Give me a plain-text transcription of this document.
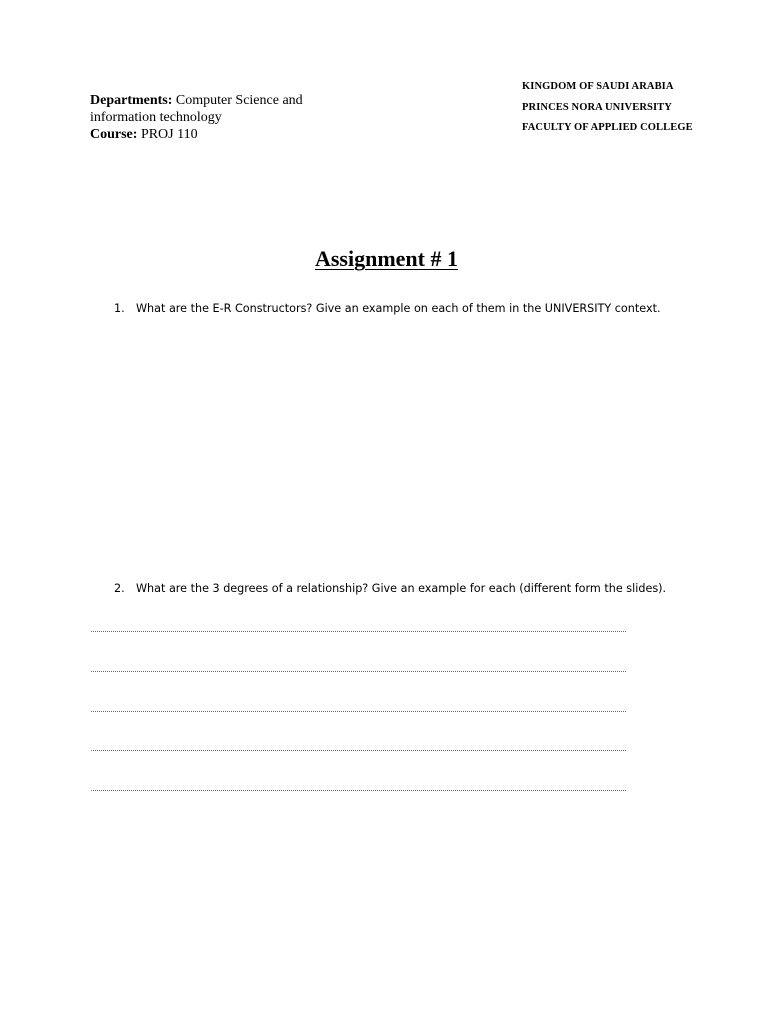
Departments: Computer Science and
information technology
Course: PROJ 110
KINGDOM OF SAUDI ARABIA
PRINCES NORA UNIVERSITY
FACULTY OF APPLIED COLLEGE
Assignment # 1
1. What are the E-R Constructors? Give an example on each of them in the UNIVERSITY context.
2. What are the 3 degrees of a relationship? Give an example for each (different form the slides).
